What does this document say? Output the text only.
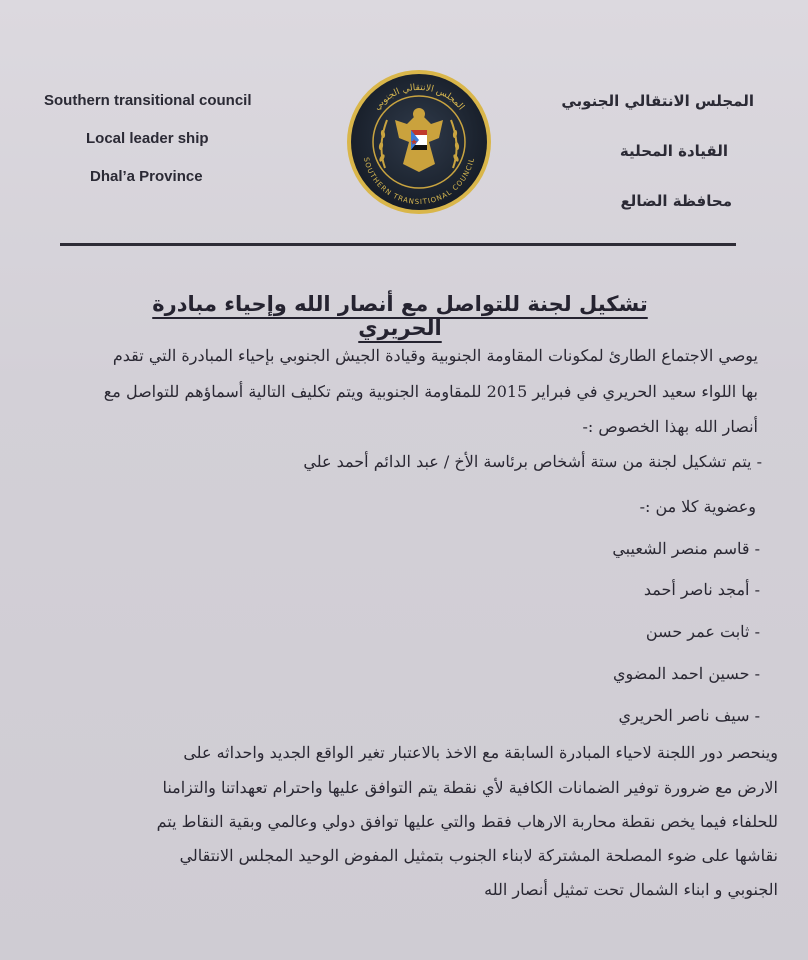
Southern transitional council
Local leader ship
Dhal’a Province
المجلس الانتقالي الجنوبي
SOUTHERN TRANSITIONAL COUNCIL
المجلس الانتقالي الجنوبي
القيادة المحلية
محافظة الضالع
تشكيل لجنة للتواصل مع أنصار الله وإحياء مبادرة الحريري
يوصي الاجتماع الطارئ لمكونات المقاومة الجنوبية وقيادة الجيش الجنوبي بإحياء المبادرة التي تقدم
بها اللواء سعيد الحريري في فبراير 2015 للمقاومة الجنوبية ويتم تكليف التالية أسماؤهم للتواصل مع
أنصار الله بهذا الخصوص :-
- يتم تشكيل لجنة من ستة أشخاص برئاسة الأخ / عبد الدائم أحمد علي
وعضوية كلا من :-
- قاسم منصر الشعيبي
- أمجد ناصر أحمد
- ثابت عمر حسن
- حسين احمد المضوي
- سيف ناصر الحريري
وينحصر دور اللجنة لاحياء المبادرة السابقة مع الاخذ بالاعتبار تغير الواقع الجديد واحداثه على
الارض مع ضرورة توفير الضمانات الكافية لأي نقطة يتم التوافق عليها واحترام تعهداتنا والتزامنا
للحلفاء فيما يخص نقطة محاربة الارهاب فقط والتي عليها توافق دولي وعالمي وبقية النقاط يتم
نقاشها على ضوء المصلحة المشتركة لابناء الجنوب بتمثيل المفوض الوحيد المجلس الانتقالي
الجنوبي و ابناء الشمال تحت تمثيل أنصار الله
